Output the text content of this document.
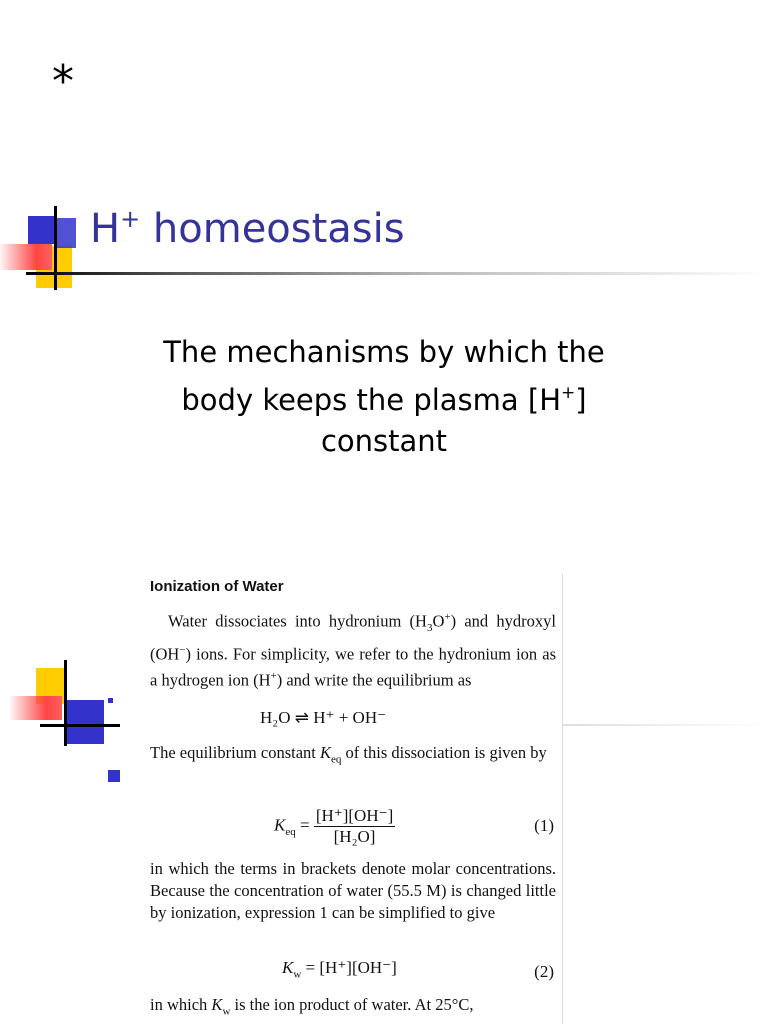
*
H+ homeostasis
The mechanisms by which the
body keeps the plasma [H+]
constant
Ionization of Water
Water dissociates into hydronium $(H_3O^+)$ and hydroxyl (OH−) ions. For simplicity, we refer to the hydronium ion as a hydrogen ion (H+) and write the equilibrium as
H₂O ⇌ H⁺ + OH⁻
The equilibrium constant $K_{eq}$ of this dissociation is given by
$K_{eq} = \frac{[H^+][OH^-]}{\text{[H₂O]}}$	(1)
in which the terms in brackets denote molar concentrations. Because the concentration of water (55.5 M) is changed little by ionization, expression 1 can be simplified to give
$K_w = [H^+][OH^-]$	(2)
in which $K_w$ is the ion product of water. At 25°C,
